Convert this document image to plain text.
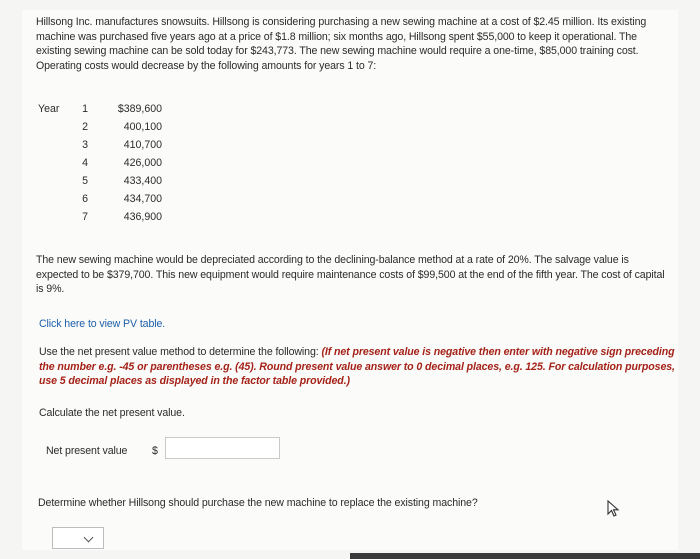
Hillsong Inc. manufactures snowsuits. Hillsong is considering purchasing a new sewing machine at a cost of $2.45 million. Its existing machine was purchased five years ago at a price of $1.8 million; six months ago, Hillsong spent $55,000 to keep it operational. The existing sewing machine can be sold today for $243,773. The new sewing machine would require a one-time, $85,000 training cost. Operating costs would decrease by the following amounts for years 1 to 7:

Year	1	$389,600
	2	400,100
	3	410,700
	4	426,000
	5	433,400
	6	434,700
	7	436,900

The new sewing machine would be depreciated according to the declining-balance method at a rate of 20%. The salvage value is expected to be $379,700. This new equipment would require maintenance costs of $99,500 at the end of the fifth year. The cost of capital is 9%.

Click here to view PV table.

Use the net present value method to determine the following: (If net present value is negative then enter with negative sign preceding the number e.g. -45 or parentheses e.g. (45). Round present value answer to 0 decimal places, e.g. 125. For calculation purposes, use 5 decimal places as displayed in the factor table provided.)

Calculate the net present value.

Net present value $

Determine whether Hillsong should purchase the new machine to replace the existing machine?
